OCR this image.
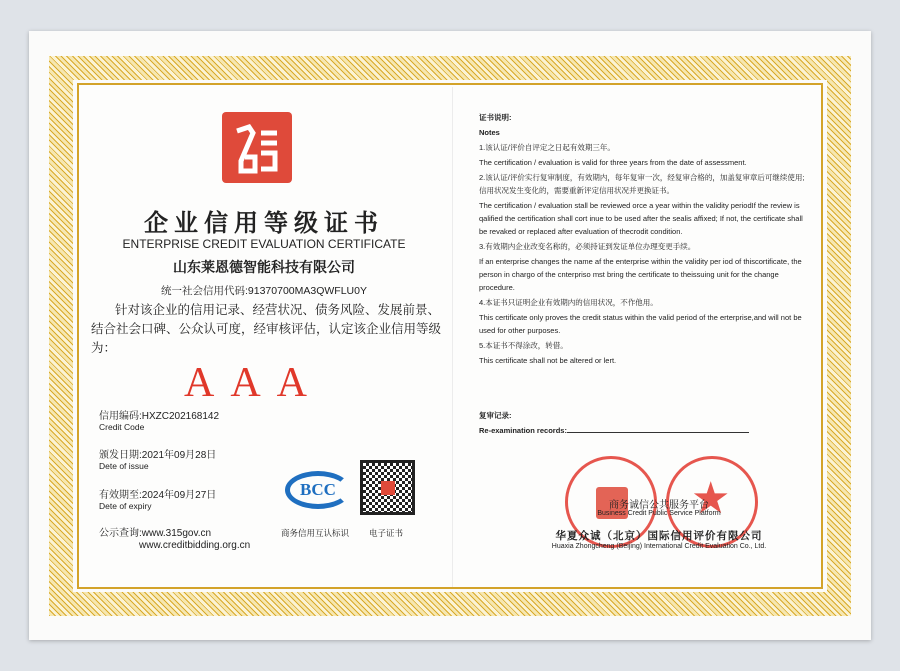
企业信用等级证书
ENTERPRISE CREDIT EVALUATION CERTIFICATE
山东莱恩德智能科技有限公司
统一社会信用代码:91370700MA3QWFLU0Y
针对该企业的信用记录、经营状况、债务风险、发展前景、
结合社会口碑、公众认可度，经审核评估，认定该企业信用等级
为：
AAA
信用编码:HXZC202168142
Credit Code
颁发日期:2021年09月28日
Dete of issue
有效期至:2024年09月27日
Dete of expiry
公示查询:www.315gov.cn
www.creditbidding.org.cn
BCC
商务信用互认标识 电子证书

证书说明:

Notes

1.该认证/评价自评定之日起有效期三年。

The certification / evaluation is valid for three years from the date of assessment.

2.该认证/评价实行复审制度，有效期内，每年复审一次，经复审合格的，加盖复审章后可继续使用;信用状况发生变化的，需要重新评定信用状况并更换证书。

The certification / evaluation stall be reviewed orce a year within the validity periodIf the review is qalified the certification shall cort inue to be used after the sealis affixed; If not, the certificate shall be revaked or replaced after evaluation of thecrodit condition.

3.有效期内企业改变名称的，必须持证到发证单位办理变更手续。

If an enterprise changes the name af the enterprise within the validity per iod of thiscortificate, the person in chargo of the cnterpriso mst bring the certificate to theissuing unit for the change procedure.

4.本证书只证明企业有效期内的信用状况，不作他用。

This certificate only proves the credit status within the valid period of the erterprise,and will not be used for other purposes.

5.本证书不得涂改，转借。

This certificate shall not be altered or lert.

复审记录:

Re-examination records:

★
商务诚信公共服务平台
Business Credit Public Service Platform
华夏众诚（北京）国际信用评价有限公司
Huaxia Zhongcheng (Beijing) International Credit Evaluation Co., Ltd.
